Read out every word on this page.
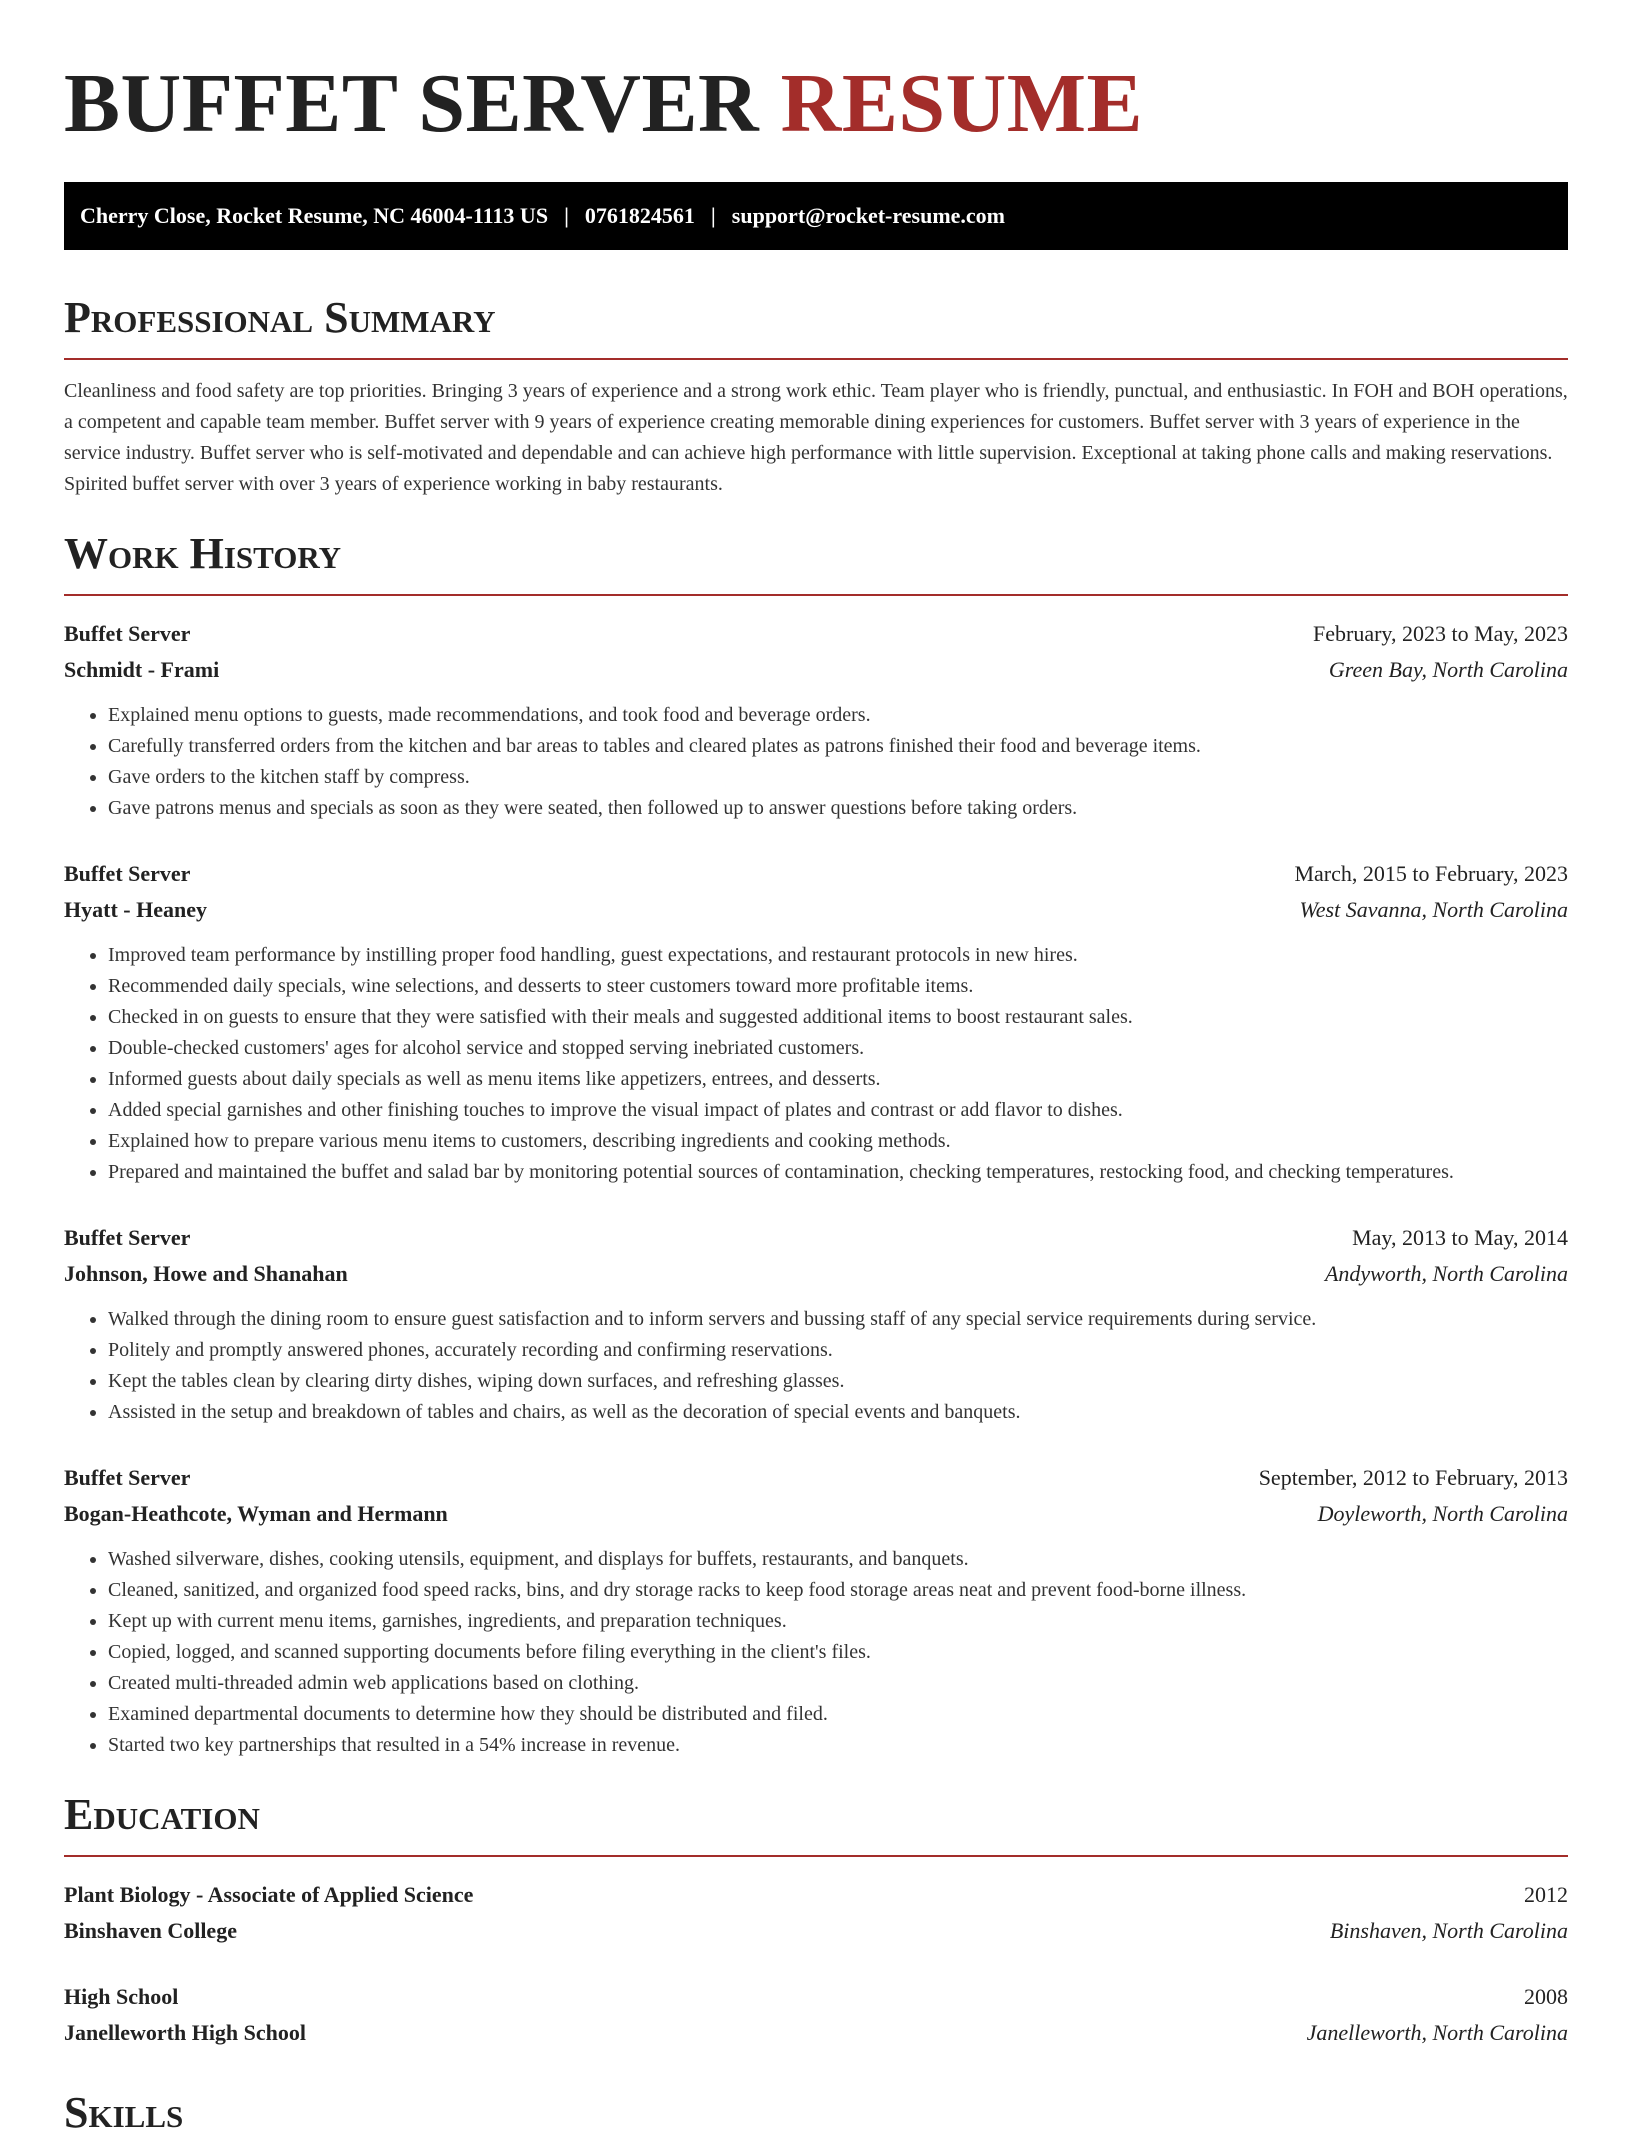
BUFFET SERVER RESUME
Cherry Close, Rocket Resume, NC 46004-1113 US | 0761824561 | support@rocket-resume.com
Professional Summary

Cleanliness and food safety are top priorities. Bringing 3 years of experience and a strong work ethic. Team player who is friendly, punctual, and enthusiastic. In FOH and BOH operations, a competent and capable team member. Buffet server with 9 years of experience creating memorable dining experiences for customers. Buffet server with 3 years of experience in the service industry. Buffet server who is self-motivated and dependable and can achieve high performance with little supervision. Exceptional at taking phone calls and making reservations. Spirited buffet server with over 3 years of experience working in baby restaurants.

Work History
Buffet Server	February, 2023 to May, 2023
Schmidt - Frami	Green Bay, North Carolina
• Explained menu options to guests, made recommendations, and took food and beverage orders.
• Carefully transferred orders from the kitchen and bar areas to tables and cleared plates as patrons finished their food and beverage items.
• Gave orders to the kitchen staff by compress.
• Gave patrons menus and specials as soon as they were seated, then followed up to answer questions before taking orders.
Buffet Server	March, 2015 to February, 2023
Hyatt - Heaney	West Savanna, North Carolina
• Improved team performance by instilling proper food handling, guest expectations, and restaurant protocols in new hires.
• Recommended daily specials, wine selections, and desserts to steer customers toward more profitable items.
• Checked in on guests to ensure that they were satisfied with their meals and suggested additional items to boost restaurant sales.
• Double-checked customers' ages for alcohol service and stopped serving inebriated customers.
• Informed guests about daily specials as well as menu items like appetizers, entrees, and desserts.
• Added special garnishes and other finishing touches to improve the visual impact of plates and contrast or add flavor to dishes.
• Explained how to prepare various menu items to customers, describing ingredients and cooking methods.
• Prepared and maintained the buffet and salad bar by monitoring potential sources of contamination, checking temperatures, restocking food, and checking temperatures.
Buffet Server	May, 2013 to May, 2014
Johnson, Howe and Shanahan	Andyworth, North Carolina
• Walked through the dining room to ensure guest satisfaction and to inform servers and bussing staff of any special service requirements during service.
• Politely and promptly answered phones, accurately recording and confirming reservations.
• Kept the tables clean by clearing dirty dishes, wiping down surfaces, and refreshing glasses.
• Assisted in the setup and breakdown of tables and chairs, as well as the decoration of special events and banquets.
Buffet Server	September, 2012 to February, 2013
Bogan-Heathcote, Wyman and Hermann	Doyleworth, North Carolina
• Washed silverware, dishes, cooking utensils, equipment, and displays for buffets, restaurants, and banquets.
• Cleaned, sanitized, and organized food speed racks, bins, and dry storage racks to keep food storage areas neat and prevent food-borne illness.
• Kept up with current menu items, garnishes, ingredients, and preparation techniques.
• Copied, logged, and scanned supporting documents before filing everything in the client's files.
• Created multi-threaded admin web applications based on clothing.
• Examined departmental documents to determine how they should be distributed and filed.
• Started two key partnerships that resulted in a 54% increase in revenue.
Education
Plant Biology - Associate of Applied Science	2012
Binshaven College	Binshaven, North Carolina
High School	2008
Janelleworth High School	Janelleworth, North Carolina
Skills
